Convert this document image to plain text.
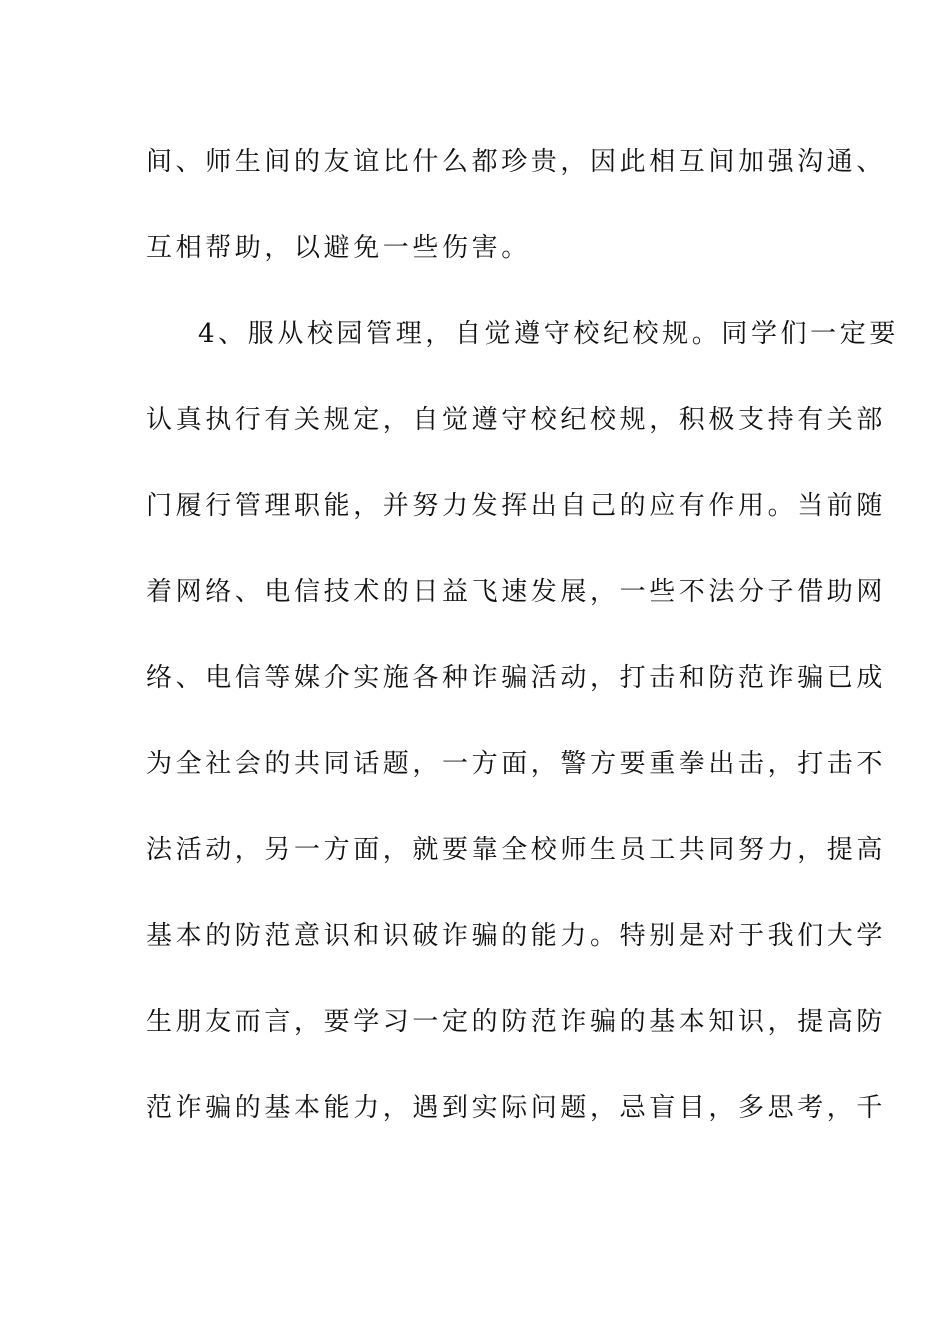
间、师生间的友谊比什么都珍贵，因此相互间加强沟通、
互相帮助，以避免一些伤害。
4、服从校园管理，自觉遵守校纪校规。同学们一定要
认真执行有关规定，自觉遵守校纪校规，积极支持有关部
门履行管理职能，并努力发挥出自己的应有作用。当前随
着网络、电信技术的日益飞速发展，一些不法分子借助网
络、电信等媒介实施各种诈骗活动，打击和防范诈骗已成
为全社会的共同话题，一方面，警方要重拳出击，打击不
法活动，另一方面，就要靠全校师生员工共同努力，提高
基本的防范意识和识破诈骗的能力。特别是对于我们大学
生朋友而言，要学习一定的防范诈骗的基本知识，提高防
范诈骗的基本能力，遇到实际问题，忌盲目，多思考，千
